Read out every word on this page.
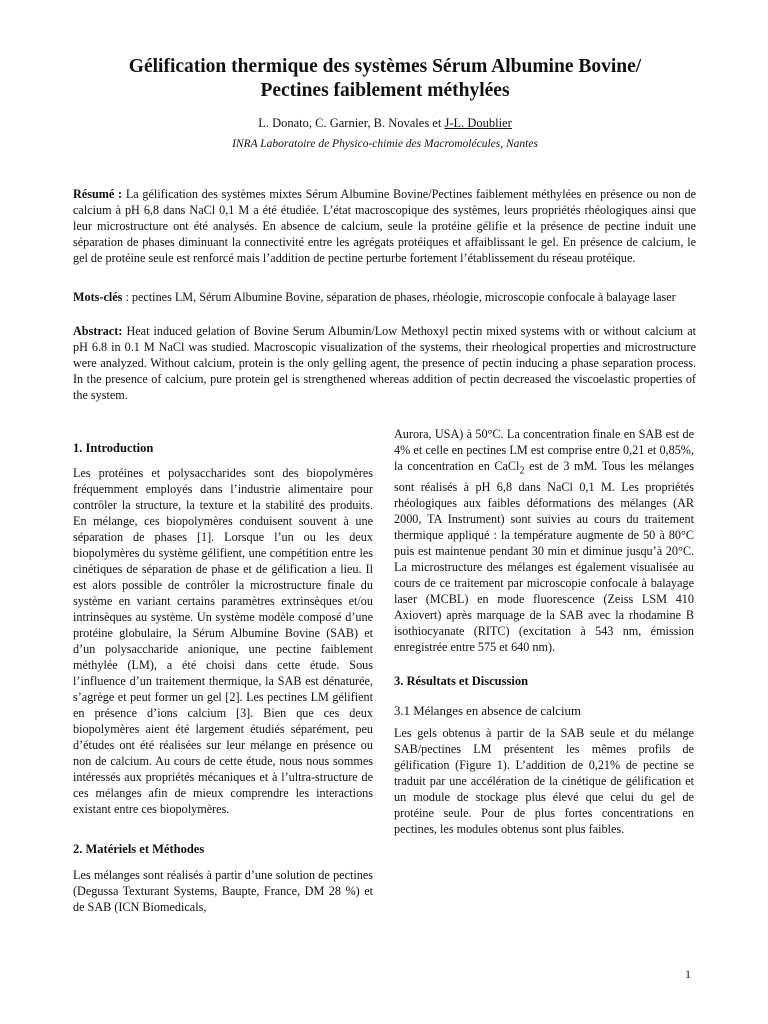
Gélification thermique des systèmes Sérum Albumine Bovine/
Pectines faiblement méthylées
L. Donato, C. Garnier, B. Novales et J-L. Doublier
INRA Laboratoire de Physico-chimie des Macromolécules, Nantes

Résumé : La gélification des systèmes mixtes Sérum Albumine Bovine/Pectines faiblement méthylées en présence ou non de calcium à pH 6,8 dans NaCl 0,1 M a été étudiée. L’état macroscopique des systèmes, leurs propriétés rhéologiques ainsi que leur microstructure ont été analysés. En absence de calcium, seule la protéine gélifie et la présence de pectine induit une séparation de phases diminuant la connectivité entre les agrégats protéiques et affaiblissant le gel. En présence de calcium, le gel de protéine seule est renforcé mais l’addition de pectine perturbe fortement l’établissement du réseau protéique.

Mots-clés : pectines LM, Sérum Albumine Bovine, séparation de phases, rhéologie, microscopie confocale à balayage laser

Abstract: Heat induced gelation of Bovine Serum Albumin/Low Methoxyl pectin mixed systems with or without calcium at pH 6.8 in 0.1 M NaCl was studied. Macroscopic visualization of the systems, their rheological properties and microstructure were analyzed. Without calcium, protein is the only gelling agent, the presence of pectin inducing a phase separation process. In the presence of calcium, pure protein gel is strengthened whereas addition of pectin decreased the viscoelastic properties of the system.

1. Introduction

Les protéines et polysaccharides sont des biopolymères fréquemment employés dans l’industrie alimentaire pour contrôler la structure, la texture et la stabilité des produits. En mélange, ces biopolymères conduisent souvent à une séparation de phases [1]. Lorsque l’un ou les deux biopolymères du système gélifient, une compétition entre les cinétiques de séparation de phase et de gélification a lieu. Il est alors possible de contrôler la microstructure finale du système en variant certains paramètres extrinsèques et/ou intrinsèques au système. Un système modèle composé d’une protéine globulaire, la Sérum Albumine Bovine (SAB) et d’un polysaccharide anionique, une pectine faiblement méthylée (LM), a été choisi dans cette étude. Sous l’influence d’un traitement thermique, la SAB est dénaturée, s’agrège et peut former un gel [2]. Les pectines LM gélifient en présence d’ions calcium [3]. Bien que ces deux biopolymères aient été largement étudiés séparément, peu d’études ont été réalisées sur leur mélange en présence ou non de calcium. Au cours de cette étude, nous nous sommes intéressés aux propriétés mécaniques et à l’ultra-structure de ces mélanges afin de mieux comprendre les interactions existant entre ces biopolymères.

2. Matériels et Méthodes

Les mélanges sont réalisés à partir d’une solution de pectines (Degussa Texturant Systems, Baupte, France, DM 28 %) et de SAB (ICN Biomedicals,

Aurora, USA) à 50°C. La concentration finale en SAB est de 4% et celle en pectines LM est comprise entre 0,21 et 0,85%, la concentration en CaCl$_2$ est de 3 mM. Tous les mélanges sont réalisés à pH 6,8 dans NaCl 0,1 M. Les propriétés rhéologiques aux faibles déformations des mélanges (AR 2000, TA Instrument) sont suivies au cours du traitement thermique appliqué : la température augmente de 50 à 80°C puis est maintenue pendant 30 min et diminue jusqu’à 20°C. La microstructure des mélanges est également visualisée au cours de ce traitement par microscopie confocale à balayage laser (MCBL) en mode fluorescence (Zeiss LSM 410 Axiovert) après marquage de la SAB avec la rhodamine B isothiocyanate (RITC) (excitation à 543 nm, émission enregistrée entre 575 et 640 nm).

3. Résultats et Discussion
3.1 Mélanges en absence de calcium

Les gels obtenus à partir de la SAB seule et du mélange SAB/pectines LM présentent les mêmes profils de gélification (Figure 1). L’addition de 0,21% de pectine se traduit par une accélération de la cinétique de gélification et un module de stockage plus élevé que celui du gel de protéine seule. Pour de plus fortes concentrations en pectines, les modules obtenus sont plus faibles.

1
